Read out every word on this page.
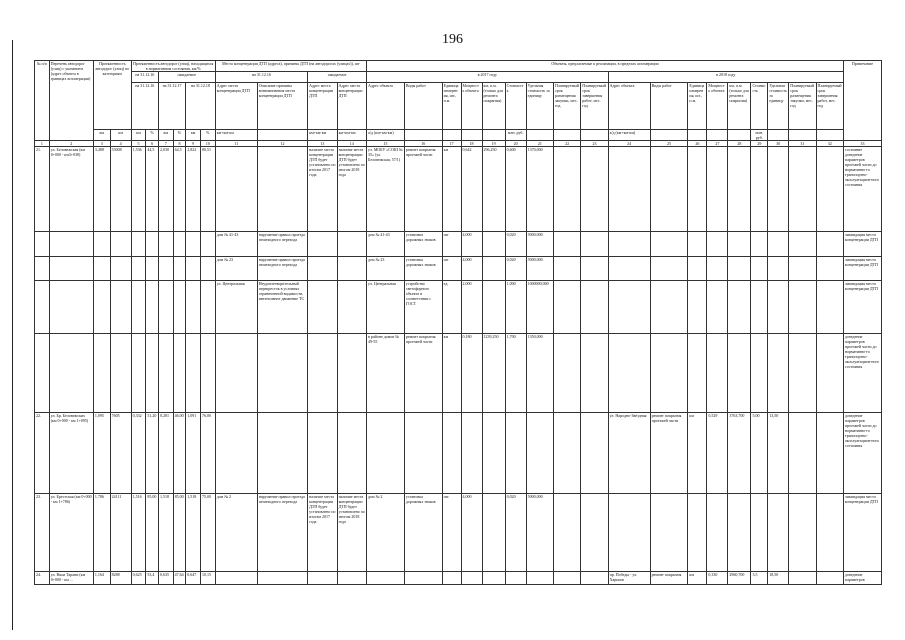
196
№ п/п	Перечень автодорог (улиц) с указанием (адрес объекта в границах агломерации)	Протяженность автодорог (улиц) по категориям		Протяженность автодорог (улиц), находящихся в нормативном состоянии, км/%						Места концентрации ДТП (адреса), причины ДТП (на автодорогах (улицах)), шт				Объекты, предлагаемые к реализации, в пределах агломерации																		Примечание
				на 31.12.16		ожидаемое				на 31.12.16		ожидаемое		в 2017 году									в 2018 году									
				на 31.12.16		на 31.12.17		на 31.12.18		Адрес места концентрации ДТП	Описание причины возникновения места концентрации ДТП	Адрес места концентрации ДТП	Адрес места концентрации ДТП	Адрес объекта	Виды работ	Единица измерения, шт., п.м.	Мощность объекта	км, п.м. (только для ремонта покрытия)	Стоимость	Удельная стоимость за единицу	Планируемый срок размещения закупки, мес. год	Планируемый срок завершения работ, мес. год	Адрес объекта	Виды работ	Единица измерения, шт., п.м.	Мощность объекта	км, п.м. (только для ремонта покрытия)	Стоимость	Удельная стоимость за единицу	Планируемый срок размещения закупки, мес. год	Планируемый срок завершения работ, мес. год	
		км	км	км	%	км	%	км	%	км+км-км		км+км-км	км+км-км	а/д (км+км-км)					млн. руб.				а/д (км+км-км)					млн. руб.				
1	2	3	4	5	6	7	8	9	10	11	12	13	14	15	16	17	18	19	20	21	22	23	24	25	26	27	28	29	30	31	32	33
21.	ул. Беловежская (км 0+000 - км3+038)	3,488	53008	1,536	44,5	2,030	64,5	2,822	80,51			наличие места концентрации ДТП будет установлено по итогам 2017 года	наличие места концентрации ДТП будет установлено по итогам 2018 года	ул. МОБУ «СОШ № 35» (ул. Беловежская, 57/1)	ремонт покрытия проезжей части	км	0,642	296,250	0,600	1370,000												состояние доведение параметров проезжей части до нормативно-го транспортно-эксплуатацион-ного состояния
										дом № 41-43	нарушение правил проезда пешеходного перехода			дом № 41-43	установка дорожных знаков	шт	4,000		0,020	5000,000												ликвидация места концентрации ДТП
										дом № 23	нарушение правил проезда пешеходного перехода			дом № 23	установка дорожных знаков	шт	4,000		0,020	5000,000												ликвидация места концентрации ДТП
										ул. Центральная	Неудовлетворительный перекресток в условиях ограниченной видимости, интенсивное движение ТС			ул. Центральная	устройство светофорного объекта в соответствии с ГОСТ	ед.	2,000		1,000	1000000,000												ликвидация места концентрации ДТП
														в районе домов № 49-55	ремонт покрытия проезжей части	км	0,180	1239,250	1,700	1350,000												доведение параметров проезжей части до нормативно-го транспортно-эксплуатацион-ного состояния
22.	ул. Бр. Беловежских (км 0+000 - км 1+095)	1,095	7605	0,332	51,20	0,281	46,00	1,091	76,00														ул. Народно-Звёздная	ремонт покрытия проезжей части	км	0,529	3763,700	5,00	13,50			доведение параметров проезжей части до нормативно-го транспортно-эксплуатацион-ного состояния
23.	ул. Брестская (км 0+000 - км 1+786)	1,786	24111	1,516	85,00	1,518	85,00	1,518	75,00	дом № 2	нарушение правил проезда пешеходного перехода	наличие места концентрации ДТП будет установлено по итогам 2017 года	наличие места концентрации ДТП будет установлено по итогам 2018 года	дом № 2	установка дорожных знаков	шт.	4,000		0,020	5000,000												ликвидация места концентрации ДТП
24.	ул. Вяхи Тарани (км 0+000 - км ...	1,164	8288	0,625	53,4	0,635	47,64	0,647	10,15														пр. Победы - ул. Харьков	ремонт покрытия	км	0,330	2960,700	3,5	18,50			доведение параметров
